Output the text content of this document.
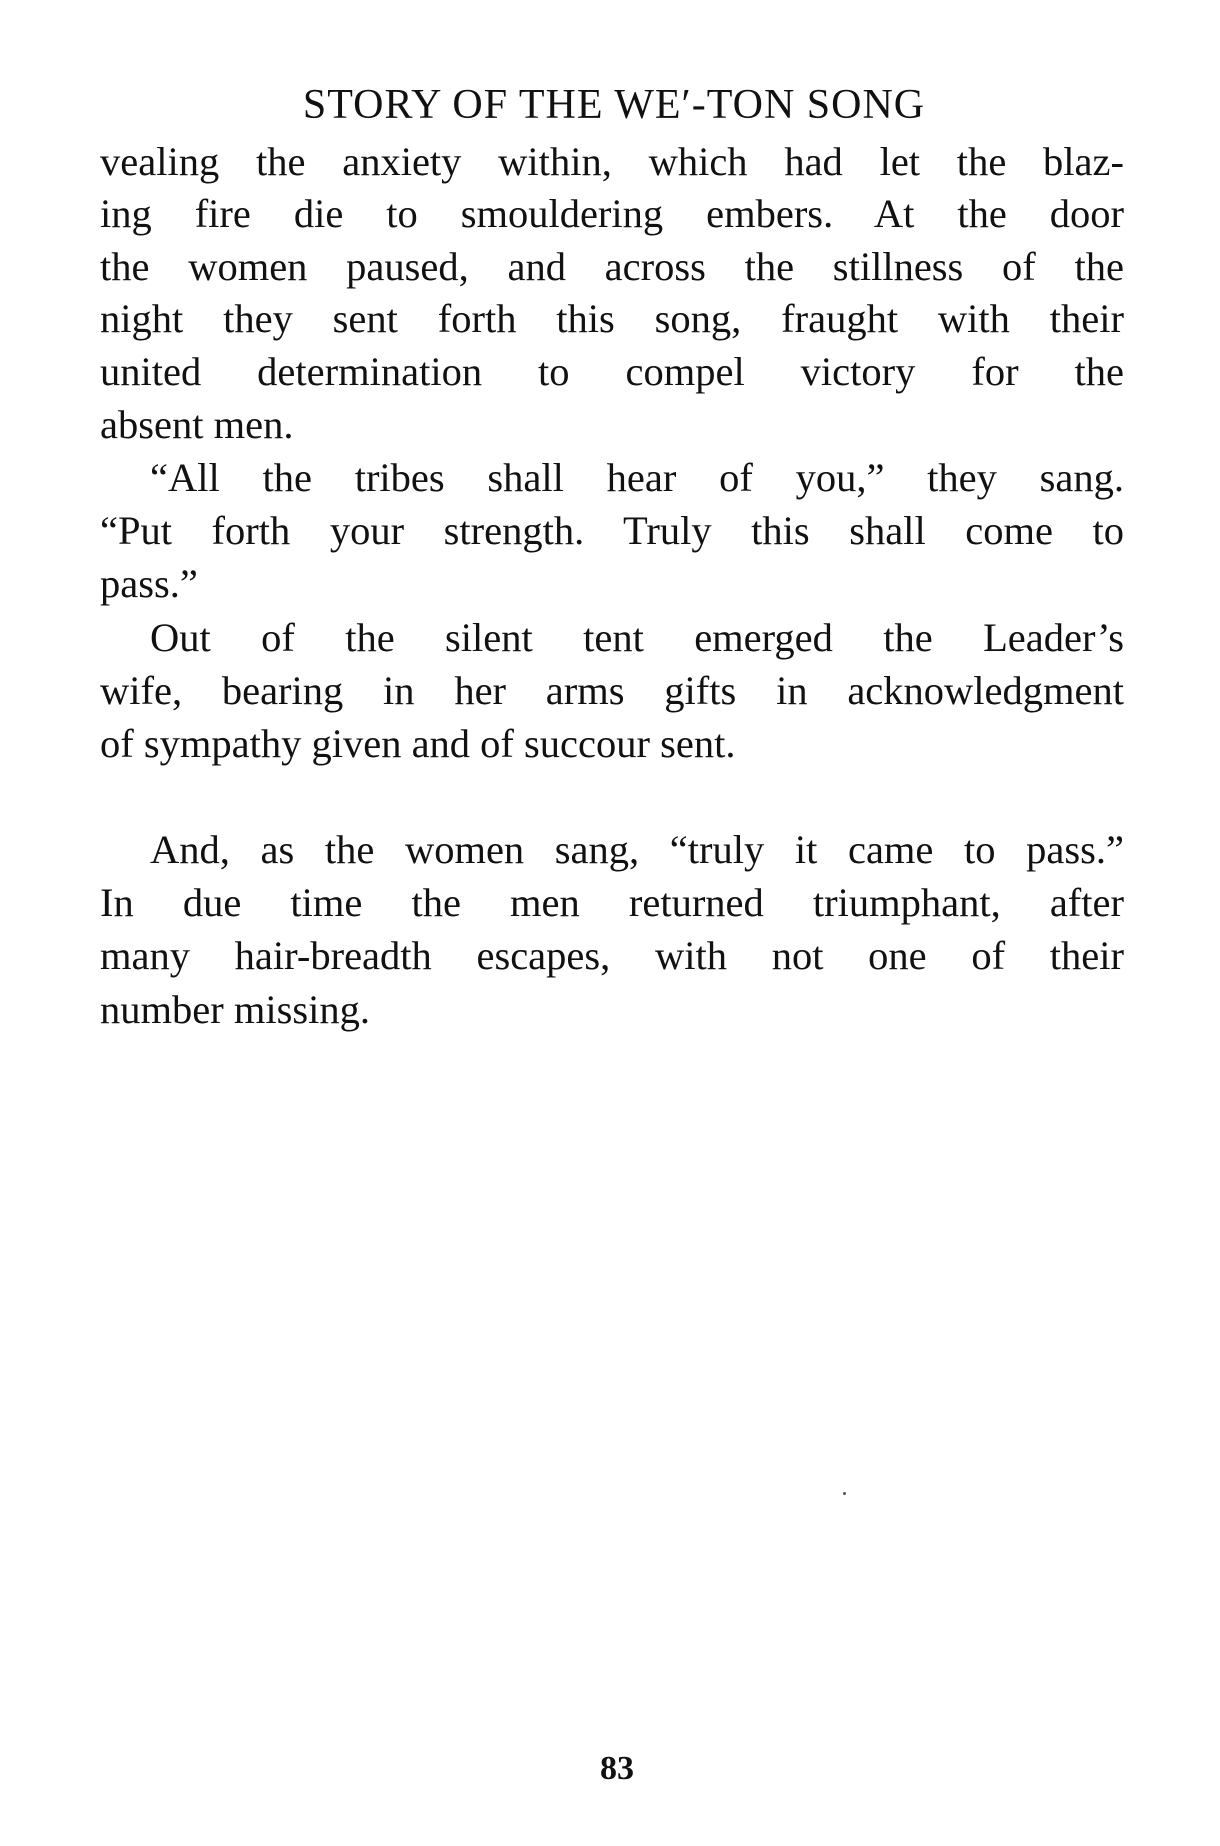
STORY OF THE WE′-TOΝ SONG
vealing the anxiety within, which had let the blaz-
ing fire die to smouldering embers. At the door
the women paused, and across the stillness of the
night they sent forth this song, fraught with their
united determination to compel victory for the
absent men.
“All the tribes shall hear of you,” they sang.
“Put forth your strength. Truly this shall come to
pass.”
Out of the silent tent emerged the Leader’s
wife, bearing in her arms gifts in acknowledgment
of sympathy given and of succour sent.
And, as the women sang, “truly it came to pass.”
In due time the men returned triumphant, after
many hair-breadth escapes, with not one of their
number missing.
83
